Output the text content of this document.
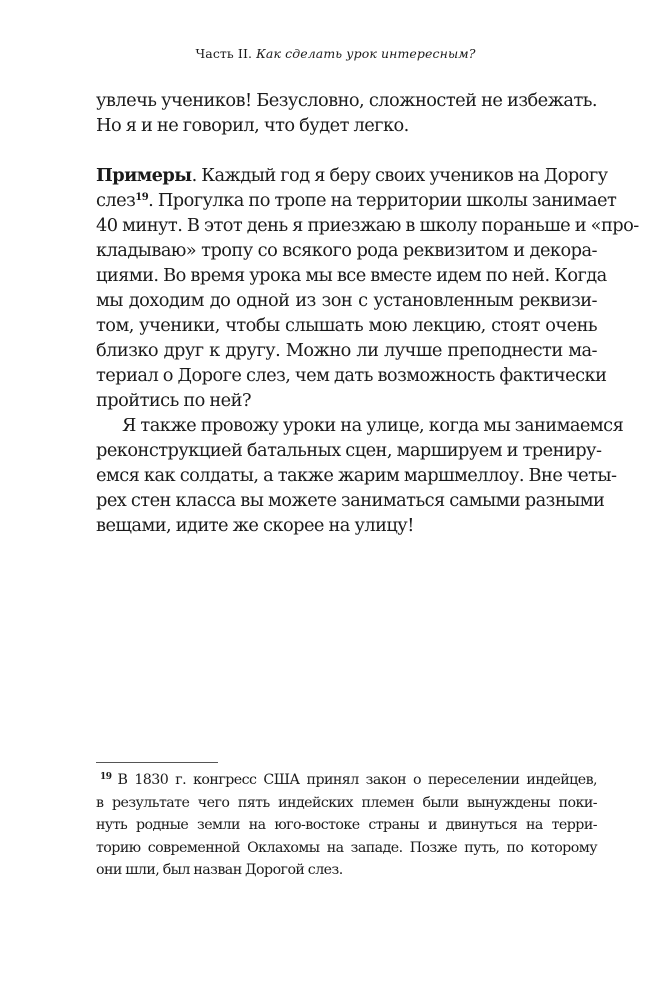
Часть II. Как сделать урок интересным?
увлечь учеников! Безусловно, сложностей не избежать.
Но я и не говорил, что будет легко.
Примеры. Каждый год я беру своих учеников на Дорогу
слез$^{19}$. Прогулка по тропе на территории школы занимает
40 минут. В этот день я приезжаю в школу пораньше и «про-
кладываю» тропу со всякого рода реквизитом и декора-
циями. Во время урока мы все вместе идем по ней. Когда
мы доходим до одной из зон с установленным реквизи-
том, ученики, чтобы слышать мою лекцию, стоят очень
близко друг к другу. Можно ли лучше преподнести ма-
териал о Дороге слез, чем дать возможность фактически
пройтись по ней?
Я также провожу уроки на улице, когда мы занимаемся
реконструкцией батальных сцен, маршируем и трениру-
емся как солдаты, а также жарим маршмеллоу. Вне четы-
рех стен класса вы можете заниматься самыми разными
вещами, идите же скорее на улицу!
$^{19}$ В 1830 г. конгресс США принял закон о переселении индейцев,
в результате чего пять индейских племен были вынуждены поки-
нуть родные земли на юго-востоке страны и двинуться на терри-
торию современной Оклахомы на западе. Позже путь, по которому
они шли, был назван Дорогой слез.
